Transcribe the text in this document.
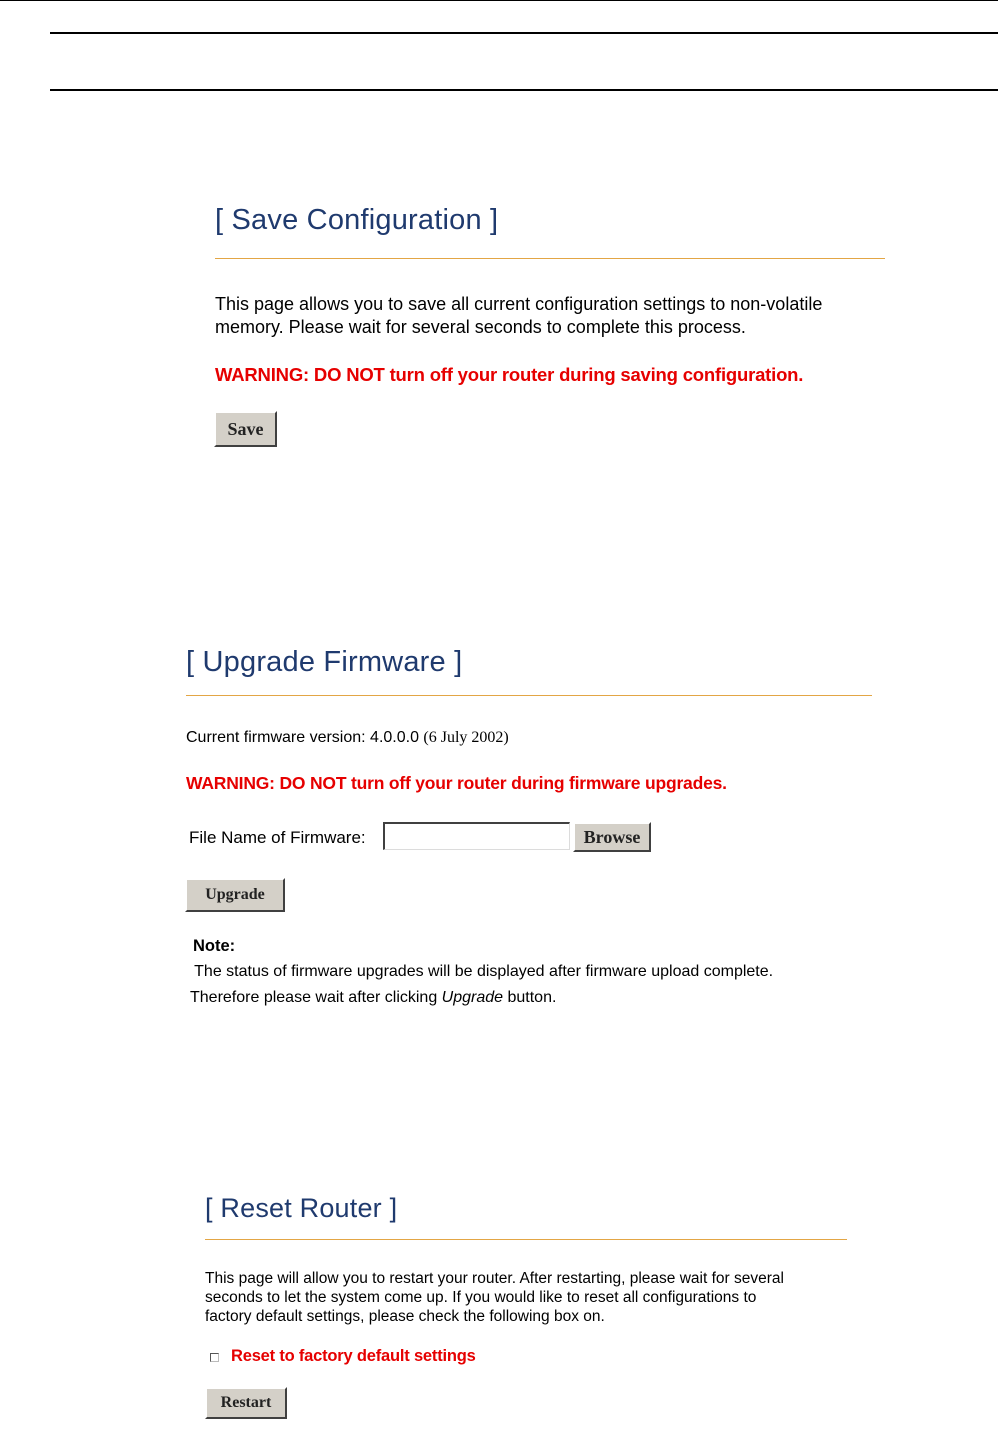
[ Save Configuration ]
This page allows you to save all current configuration settings to non-volatile
memory. Please wait for several seconds to complete this process.
WARNING: DO NOT turn off your router during saving configuration.
Save
[ Upgrade Firmware ]
Current firmware version: 4.0.0.0 (6 July 2002)
WARNING: DO NOT turn off your router during firmware upgrades.
File Name of Firmware:	Browse
Upgrade
Note:
The status of firmware upgrades will be displayed after firmware upload complete.
Therefore please wait after clicking Upgrade button.
[ Reset Router ]
This page will allow you to restart your router. After restarting, please wait for several
seconds to let the system come up. If you would like to reset all configurations to
factory default settings, please check the following box on.
Reset to factory default settings
Restart
